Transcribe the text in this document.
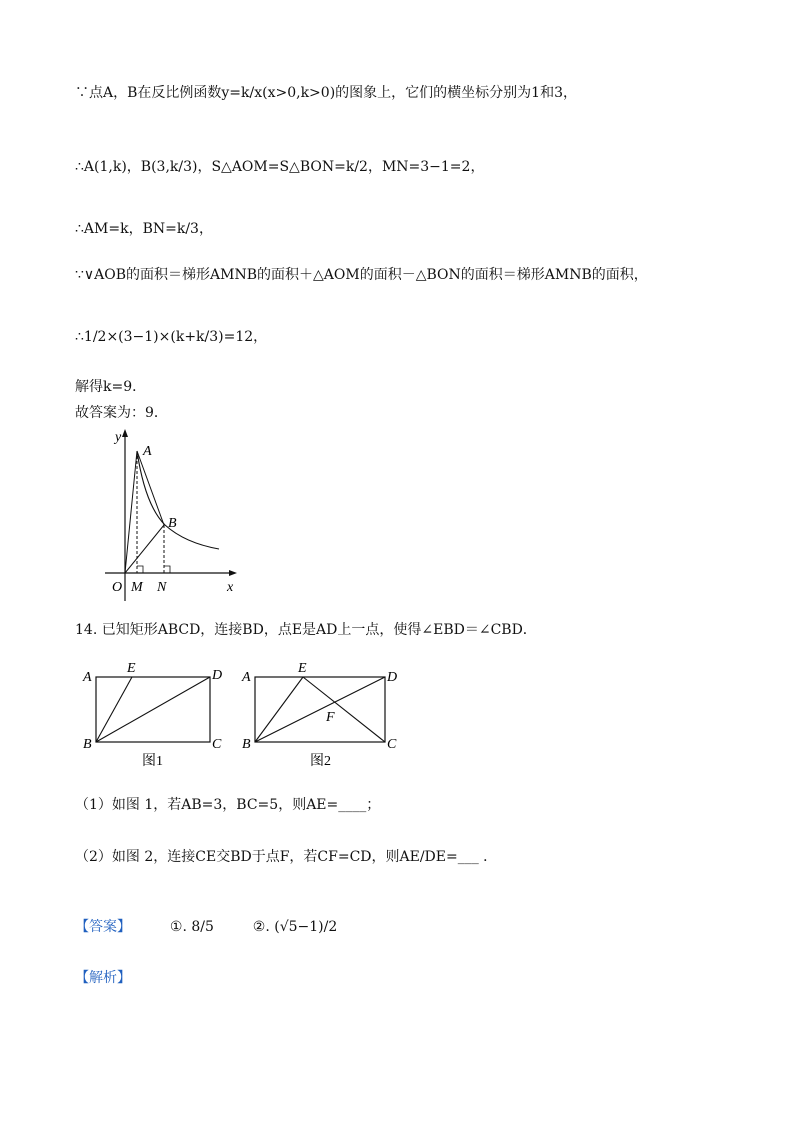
∵点A，B在反比例函数y=k/x(x>0,k>0)的图象上，它们的横坐标分别为1和3，
∴A(1,k)，B(3,k/3)，S△AOM=S△BON=k/2，MN=3−1=2，
∴AM=k，BN=k/3，
∵∨AOB的面积＝梯形AMNB的面积＋△AOM的面积－△BON的面积＝梯形AMNB的面积，
∴1/2×(3−1)×(k+k/3)=12，
解得k=9．
故答案为：9．
y
x
A
B
O M N
14. 已知矩形ABCD，连接BD，点E是AD上一点，使得∠EBD＝∠CBD．
A
E	D
B	C
图1
A
E
D
F
B	C
图2
（1）如图 1，若AB=3，BC=5，则AE=____；
（2）如图 2，连接CE交BD于点F，若CF=CD，则AE/DE=___ ．
【答案】	①. 8/5	②. (√5−1)/2
【解析】
